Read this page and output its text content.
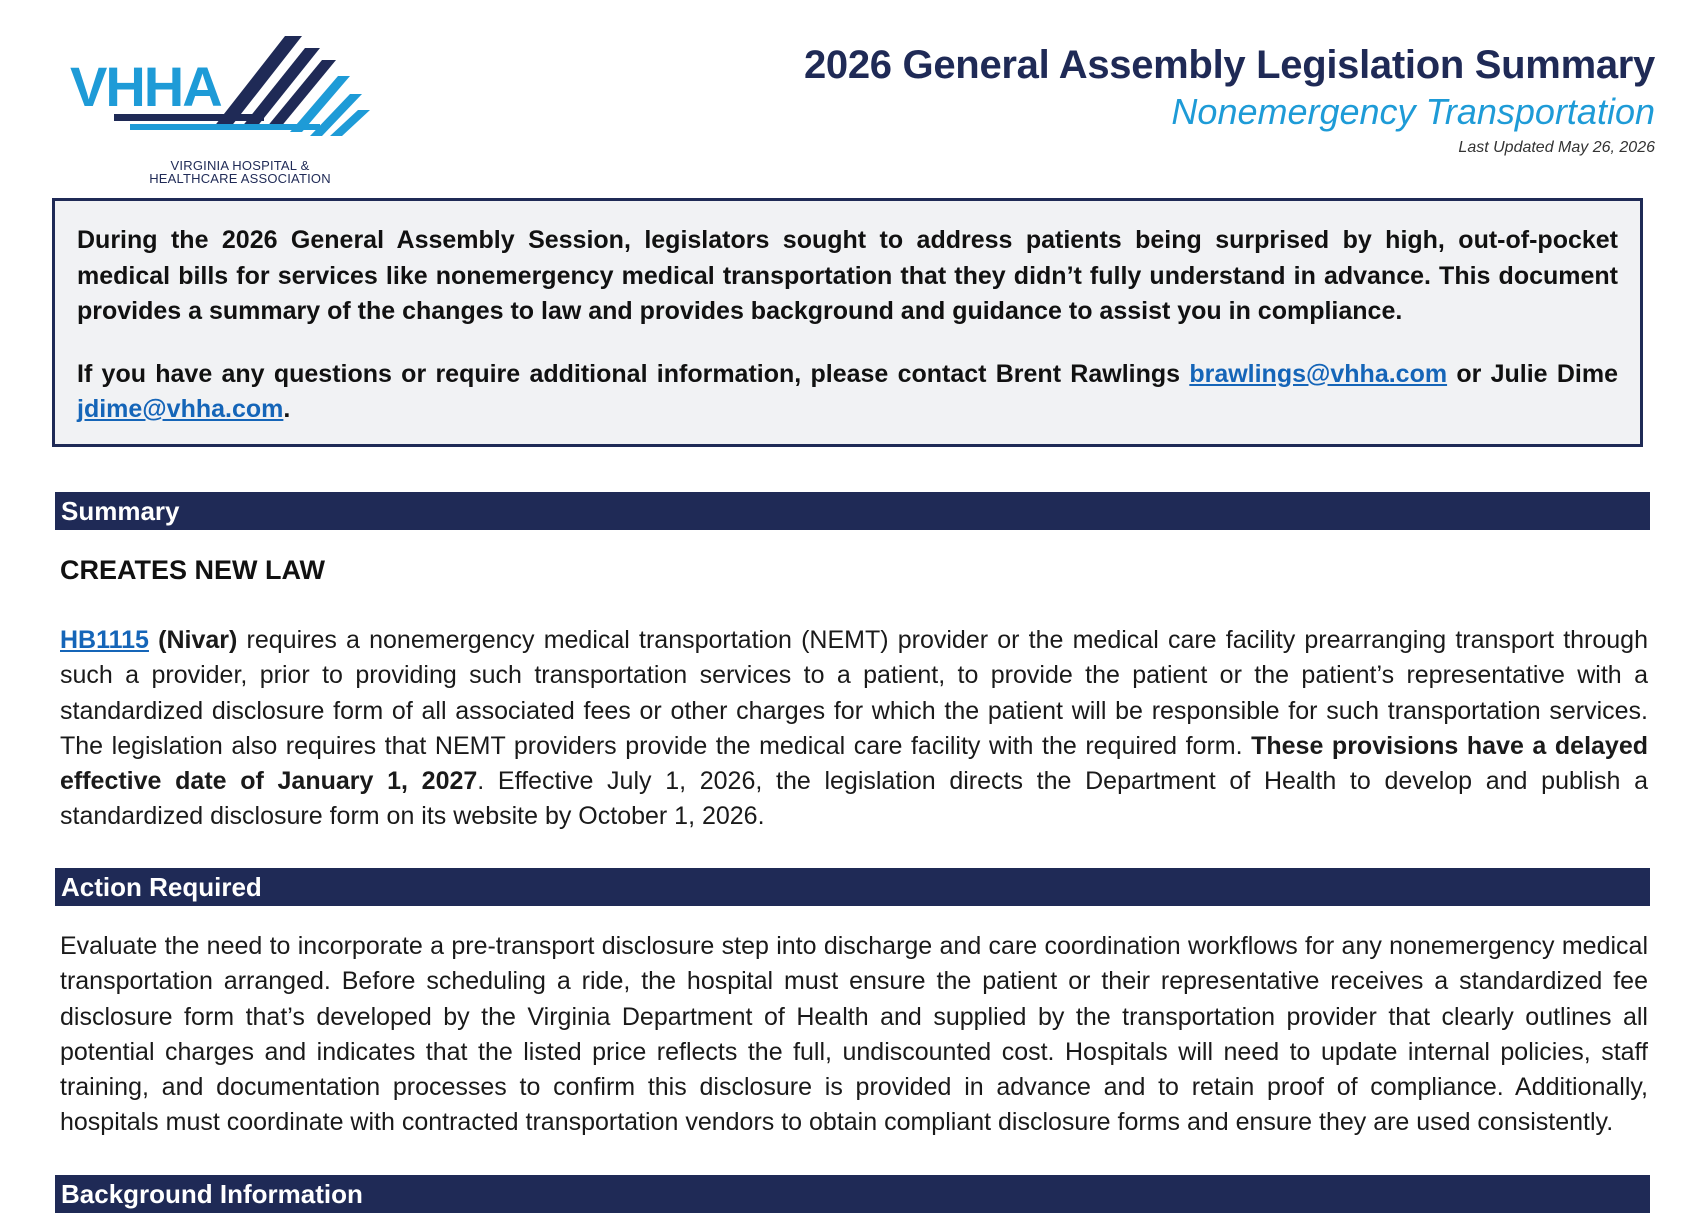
VHHA
VIRGINIA HOSPITAL &
HEALTHCARE ASSOCIATION
2026 General Assembly Legislation Summary
Nonemergency Transportation
Last Updated May 26, 2026

During the 2026 General Assembly Session, legislators sought to address patients being surprised by high, out-of-pocket medical bills for services like nonemergency medical transportation that they didn’t fully understand in advance. This document provides a summary of the changes to law and provides background and guidance to assist you in compliance.

If you have any questions or require additional information, please contact Brent Rawlings brawlings@vhha.com or Julie Dime jdime@vhha.com.

Summary
CREATES NEW LAW

HB1115 (Nivar) requires a nonemergency medical transportation (NEMT) provider or the medical care facility prearranging transport through such a provider, prior to providing such transportation services to a patient, to provide the patient or the patient’s representative with a standardized disclosure form of all associated fees or other charges for which the patient will be responsible for such transportation services. The legislation also requires that NEMT providers provide the medical care facility with the required form. These provisions have a delayed effective date of January 1, 2027. Effective July 1, 2026, the legislation directs the Department of Health to develop and publish a standardized disclosure form on its website by October 1, 2026.

Action Required

Evaluate the need to incorporate a pre-transport disclosure step into discharge and care coordination workflows for any nonemergency medical transportation arranged. Before scheduling a ride, the hospital must ensure the patient or their representative receives a standardized fee disclosure form that’s developed by the Virginia Department of Health and supplied by the transportation provider that clearly outlines all potential charges and indicates that the listed price reflects the full, undiscounted cost. Hospitals will need to update internal policies, staff training, and documentation processes to confirm this disclosure is provided in advance and to retain proof of compliance. Additionally, hospitals must coordinate with contracted transportation vendors to obtain compliant disclosure forms and ensure they are used consistently.

Background Information
